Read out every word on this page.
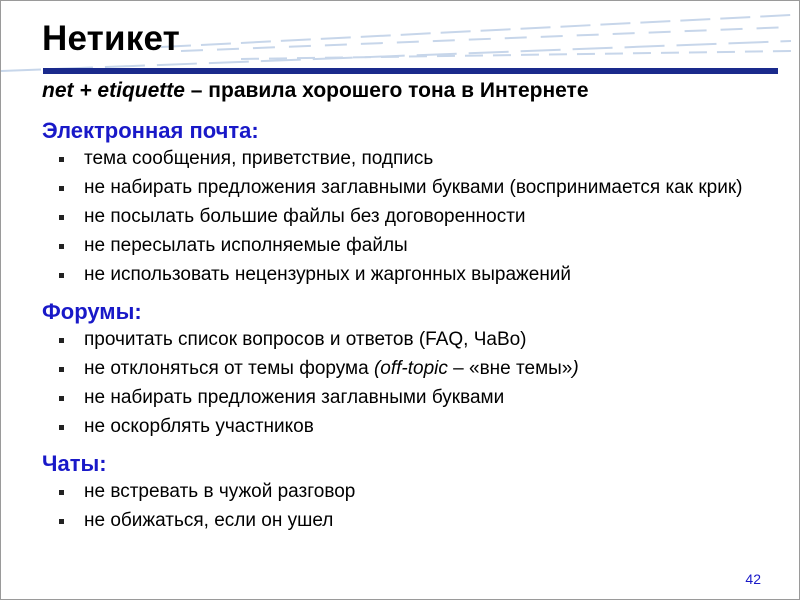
Нетикет
net + etiquette – правила хорошего тона в Интернете
Электронная почта:
тема сообщения, приветствие, подпись
не набирать предложения заглавными буквами (воспринимается как крик)
не посылать большие файлы без договоренности
не пересылать исполняемые файлы
не использовать нецензурных и жаргонных выражений
Форумы:
прочитать список вопросов и ответов (FAQ, ЧаВо)
не отклоняться от темы форума (off-topic – «вне темы»)
не набирать предложения заглавными буквами
не оскорблять участников
Чаты:
не встревать в чужой разговор
не обижаться, если он ушел
42
